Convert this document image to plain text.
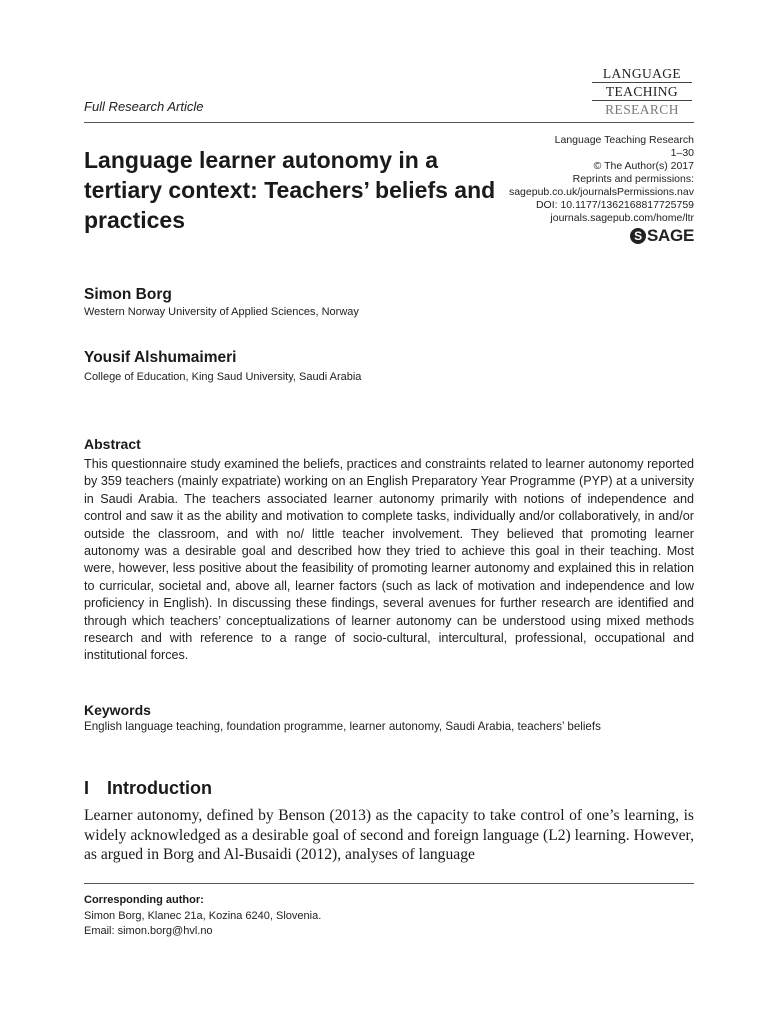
LANGUAGE
TEACHING
RESEARCH
Full Research Article
Language learner autonomy in a tertiary context: Teachers’ beliefs and practices
Language Teaching Research
1–30
© The Author(s) 2017
Reprints and permissions:
sagepub.co.uk/journalsPermissions.nav
DOI: 10.1177/1362168817725759
journals.sagepub.com/home/ltr
S SAGE
Simon Borg
Western Norway University of Applied Sciences, Norway
Yousif Alshumaimeri
College of Education, King Saud University, Saudi Arabia
Abstract

This questionnaire study examined the beliefs, practices and constraints related to learner autonomy reported by 359 teachers (mainly expatriate) working on an English Preparatory Year Programme (PYP) at a university in Saudi Arabia. The teachers associated learner autonomy primarily with notions of independence and control and saw it as the ability and motivation to complete tasks, individually and/or collaboratively, in and/or outside the classroom, and with no/ little teacher involvement. They believed that promoting learner autonomy was a desirable goal and described how they tried to achieve this goal in their teaching. Most were, however, less positive about the feasibility of promoting learner autonomy and explained this in relation to curricular, societal and, above all, learner factors (such as lack of motivation and independence and low proficiency in English). In discussing these findings, several avenues for further research are identified and through which teachers’ conceptualizations of learner autonomy can be understood using mixed methods research and with reference to a range of socio-cultural, intercultural, professional, occupational and institutional forces.

Keywords
English language teaching, foundation programme, learner autonomy, Saudi Arabia, teachers’ beliefs
I Introduction

Learner autonomy, defined by Benson (2013) as the capacity to take control of one’s learning, is widely acknowledged as a desirable goal of second and foreign language (L2) learning. However, as argued in Borg and Al-Busaidi (2012), analyses of language

Corresponding author:
Simon Borg, Klanec 21a, Kozina 6240, Slovenia.
Email: simon.borg@hvl.no
